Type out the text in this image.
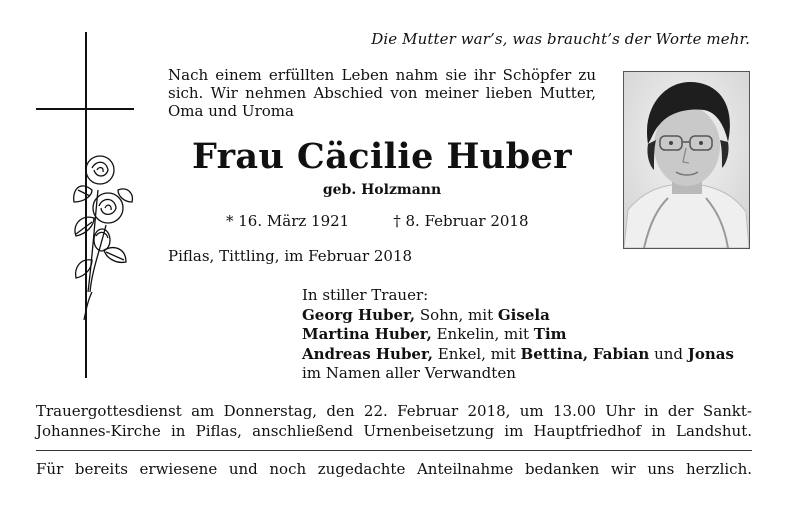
Die Mutter war’s, was braucht’s der Worte mehr.
Nach einem erfüllten Leben nahm sie ihr Schöpfer zu sich. Wir nehmen Abschied von meiner lieben Mutter, Oma und Uroma
Frau Cäcilie Huber
geb. Holzmann
* 16. März 1921	† 8. Februar 2018
Piflas, Tittling, im Februar 2018
In stiller Trauer:
Georg Huber, Sohn, mit Gisela
Martina Huber, Enkelin, mit Tim
Andreas Huber, Enkel, mit Bettina, Fabian und Jonas
im Namen aller Verwandten
Trauergottesdienst am Donnerstag, den 22. Februar 2018, um 13.00 Uhr in der Sankt-Johannes-Kirche in Piflas, anschließend Urnenbeisetzung im Hauptfriedhof in Landshut.
Für bereits erwiesene und noch zugedachte Anteilnahme bedanken wir uns herzlich.
